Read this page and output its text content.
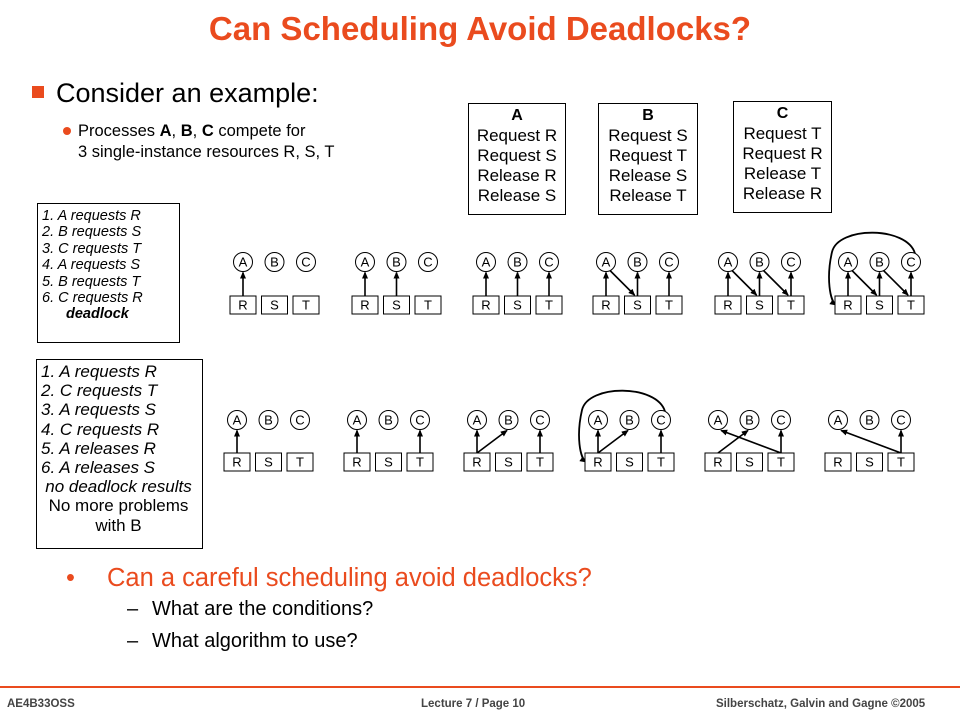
Can Scheduling Avoid Deadlocks?
Consider an example:
Processes A, B, C compete for
3 single-instance resources R, S, T
A
Request R
Request S
Release R
Release S
B
Request S
Request T
Release S
Release T
C
Request T
Request R
Release T
Release R
1. A requests R
2. B requests S
3. C requests T
4. A requests S
5. B requests T
6. C requests R
deadlock
1. A requests R
2. C requests T
3. A requests S
4. C requests R
5. A releases R
6. A releases S
no deadlock results
No more problems
with B
A
R
B
S
C
T
A
R
B
S
C
T
A
R
B
S
C
T
A
R
B
S
C
T
A
R
B
S
C
T
A
R
B
S
C
T
A
R
B
S
C
T
A
R
B
S
C
T
A
R
B
S
C
T
A
R
B
S
C
T
A
R
B
S
C
T
A
R
B
S
C
T
• Can a careful scheduling avoid deadlocks?
– What are the conditions?
– What algorithm to use?
AE4B33OSS	Lecture 7 / Page 10	Silberschatz, Galvin and Gagne ©2005
